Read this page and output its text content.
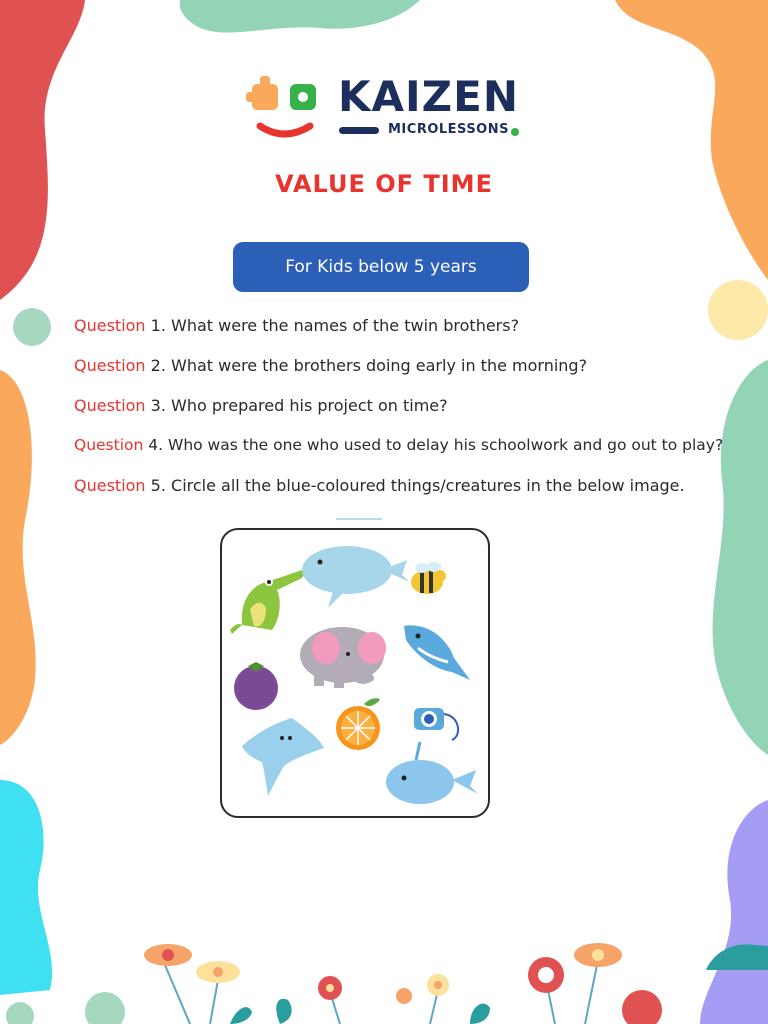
KAIZEN
MICROLESSONS
VALUE OF TIME
For Kids below 5 years
Question 1. What were the names of the twin brothers?
Question 2. What were the brothers doing early in the morning?
Question 3. Who prepared his project on time?
Question 4. Who was the one who used to delay his schoolwork and go out to play?
Question 5. Circle all the blue-coloured things/creatures in the below image.
